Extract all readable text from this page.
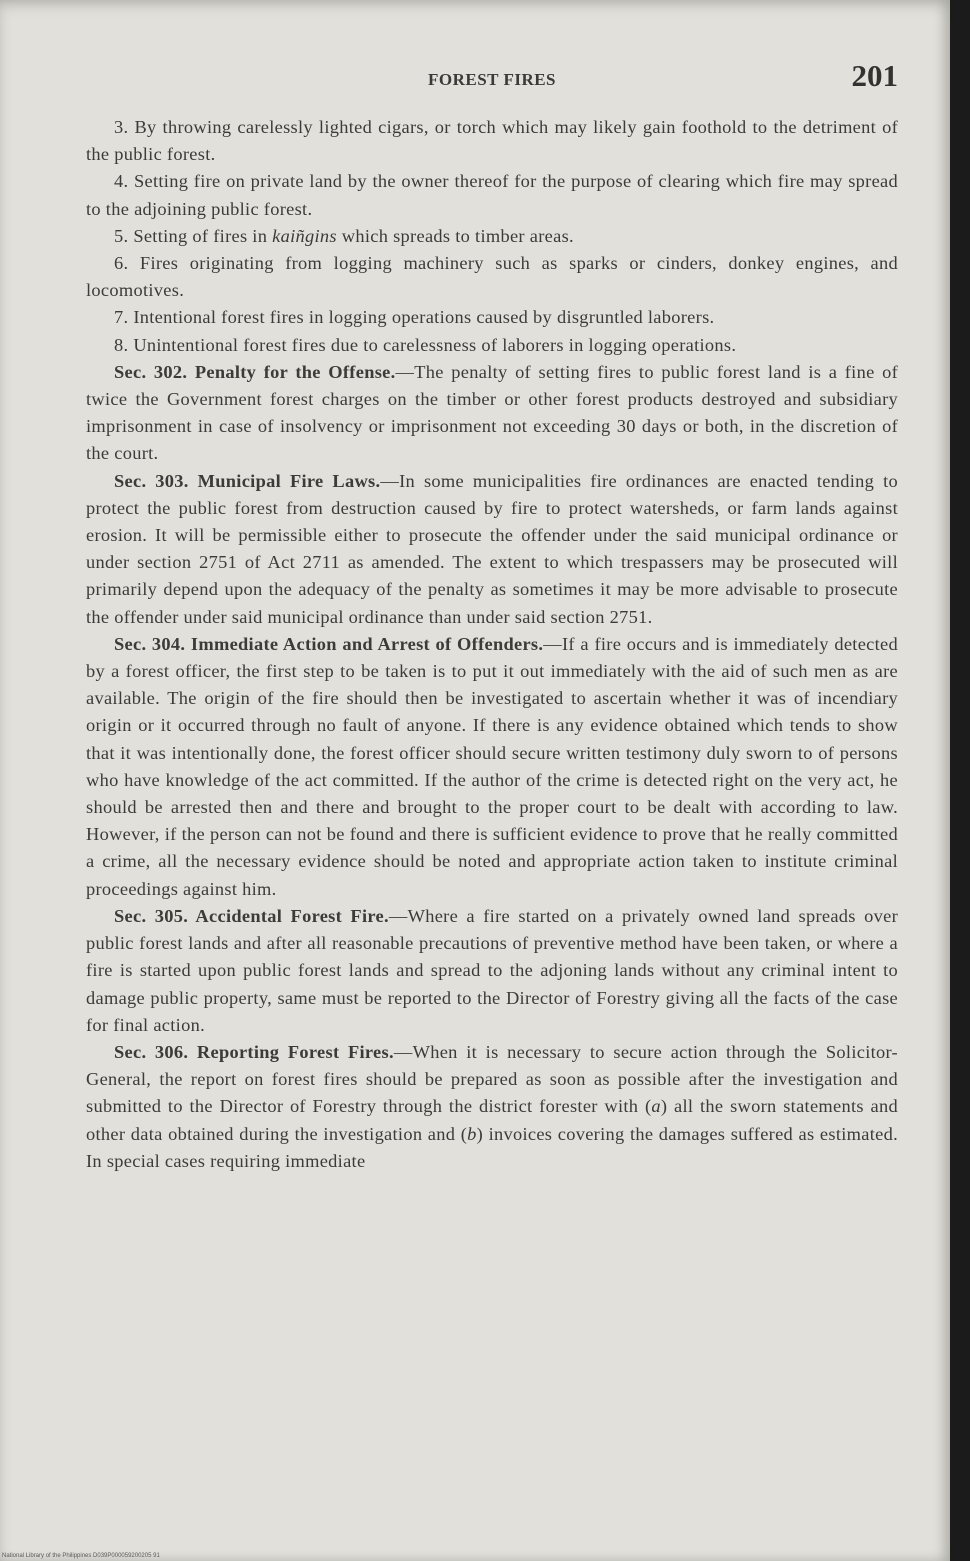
FOREST FIRES	201

3. By throwing carelessly lighted cigars, or torch which may likely gain foothold to the detriment of the public forest.

4. Setting fire on private land by the owner thereof for the purpose of clearing which fire may spread to the adjoining public forest.

5. Setting of fires in kaiñgins which spreads to timber areas.

6. Fires originating from logging machinery such as sparks or cinders, donkey engines, and locomotives.

7. Intentional forest fires in logging operations caused by disgruntled laborers.

8. Unintentional forest fires due to carelessness of laborers in logging operations.

Sec. 302. Penalty for the Offense.—The penalty of setting fires to public forest land is a fine of twice the Government forest charges on the timber or other forest products destroyed and subsidiary imprisonment in case of insolvency or imprisonment not exceeding 30 days or both, in the discretion of the court.

Sec. 303. Municipal Fire Laws.—In some municipalities fire ordinances are enacted tending to protect the public forest from destruction caused by fire to protect watersheds, or farm lands against erosion. It will be permissible either to prosecute the offender under the said municipal ordinance or under section 2751 of Act 2711 as amended. The extent to which trespassers may be prosecuted will primarily depend upon the adequacy of the penalty as sometimes it may be more advisable to prosecute the offender under said municipal ordinance than under said section 2751.

Sec. 304. Immediate Action and Arrest of Offenders.—If a fire occurs and is immediately detected by a forest officer, the first step to be taken is to put it out immediately with the aid of such men as are available. The origin of the fire should then be investigated to ascertain whether it was of incendiary origin or it occurred through no fault of anyone. If there is any evidence obtained which tends to show that it was intentionally done, the forest officer should secure written testimony duly sworn to of persons who have knowledge of the act committed. If the author of the crime is detected right on the very act, he should be arrested then and there and brought to the proper court to be dealt with according to law. However, if the person can not be found and there is sufficient evidence to prove that he really committed a crime, all the necessary evidence should be noted and appropriate action taken to institute criminal proceedings against him.

Sec. 305. Accidental Forest Fire.—Where a fire started on a privately owned land spreads over public forest lands and after all reasonable precautions of preventive method have been taken, or where a fire is started upon public forest lands and spread to the adjoning lands without any criminal intent to damage public property, same must be reported to the Director of Forestry giving all the facts of the case for final action.

Sec. 306. Reporting Forest Fires.—When it is necessary to secure action through the Solicitor-General, the report on forest fires should be prepared as soon as possible after the investigation and submitted to the Director of Forestry through the district forester with (a) all the sworn statements and other data obtained during the investigation and (b) invoices covering the damages suffered as estimated. In special cases requiring immediate

National Library of the Philippines D039P000059200205 91
